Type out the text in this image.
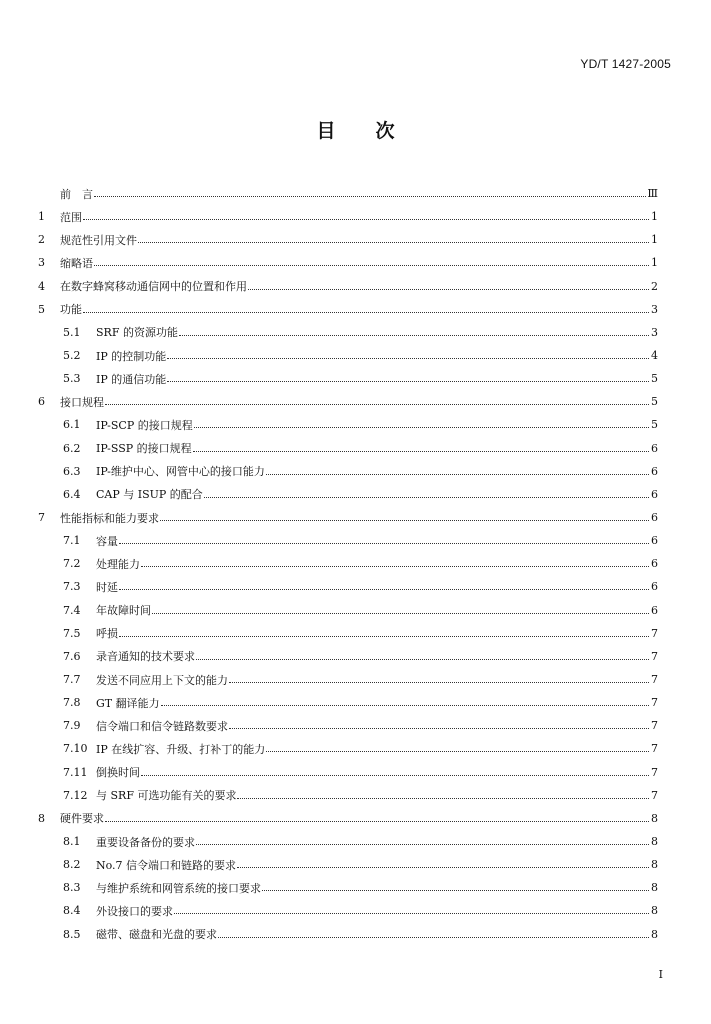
YD/T 1427-2005
目次
前　言	Ⅲ
1	范围	1
2	规范性引用文件	1
3	缩略语	1
4	在数字蜂窝移动通信网中的位置和作用	2
5	功能	3
5.1	SRF 的资源功能	3
5.2	IP 的控制功能	4
5.3	IP 的通信功能	5
6	接口规程	5
6.1	IP-SCP 的接口规程	5
6.2	IP-SSP 的接口规程	6
6.3	IP-维护中心、网管中心的接口能力	6
6.4	CAP 与 ISUP 的配合	6
7	性能指标和能力要求	6
7.1	容量	6
7.2	处理能力	6
7.3	时延	6
7.4	年故障时间	6
7.5	呼损	7
7.6	录音通知的技术要求	7
7.7	发送不同应用上下文的能力	7
7.8	GT 翻译能力	7
7.9	信令端口和信令链路数要求	7
7.10 IP 在线扩容、升级、打补丁的能力	7
7.11 倒换时间	7
7.12 与 SRF 可选功能有关的要求	7
8	硬件要求	8
8.1	重要设备备份的要求	8
8.2	No.7 信令端口和链路的要求	8
8.3	与维护系统和网管系统的接口要求	8
8.4	外设接口的要求	8
8.5	磁带、磁盘和光盘的要求	8
I
